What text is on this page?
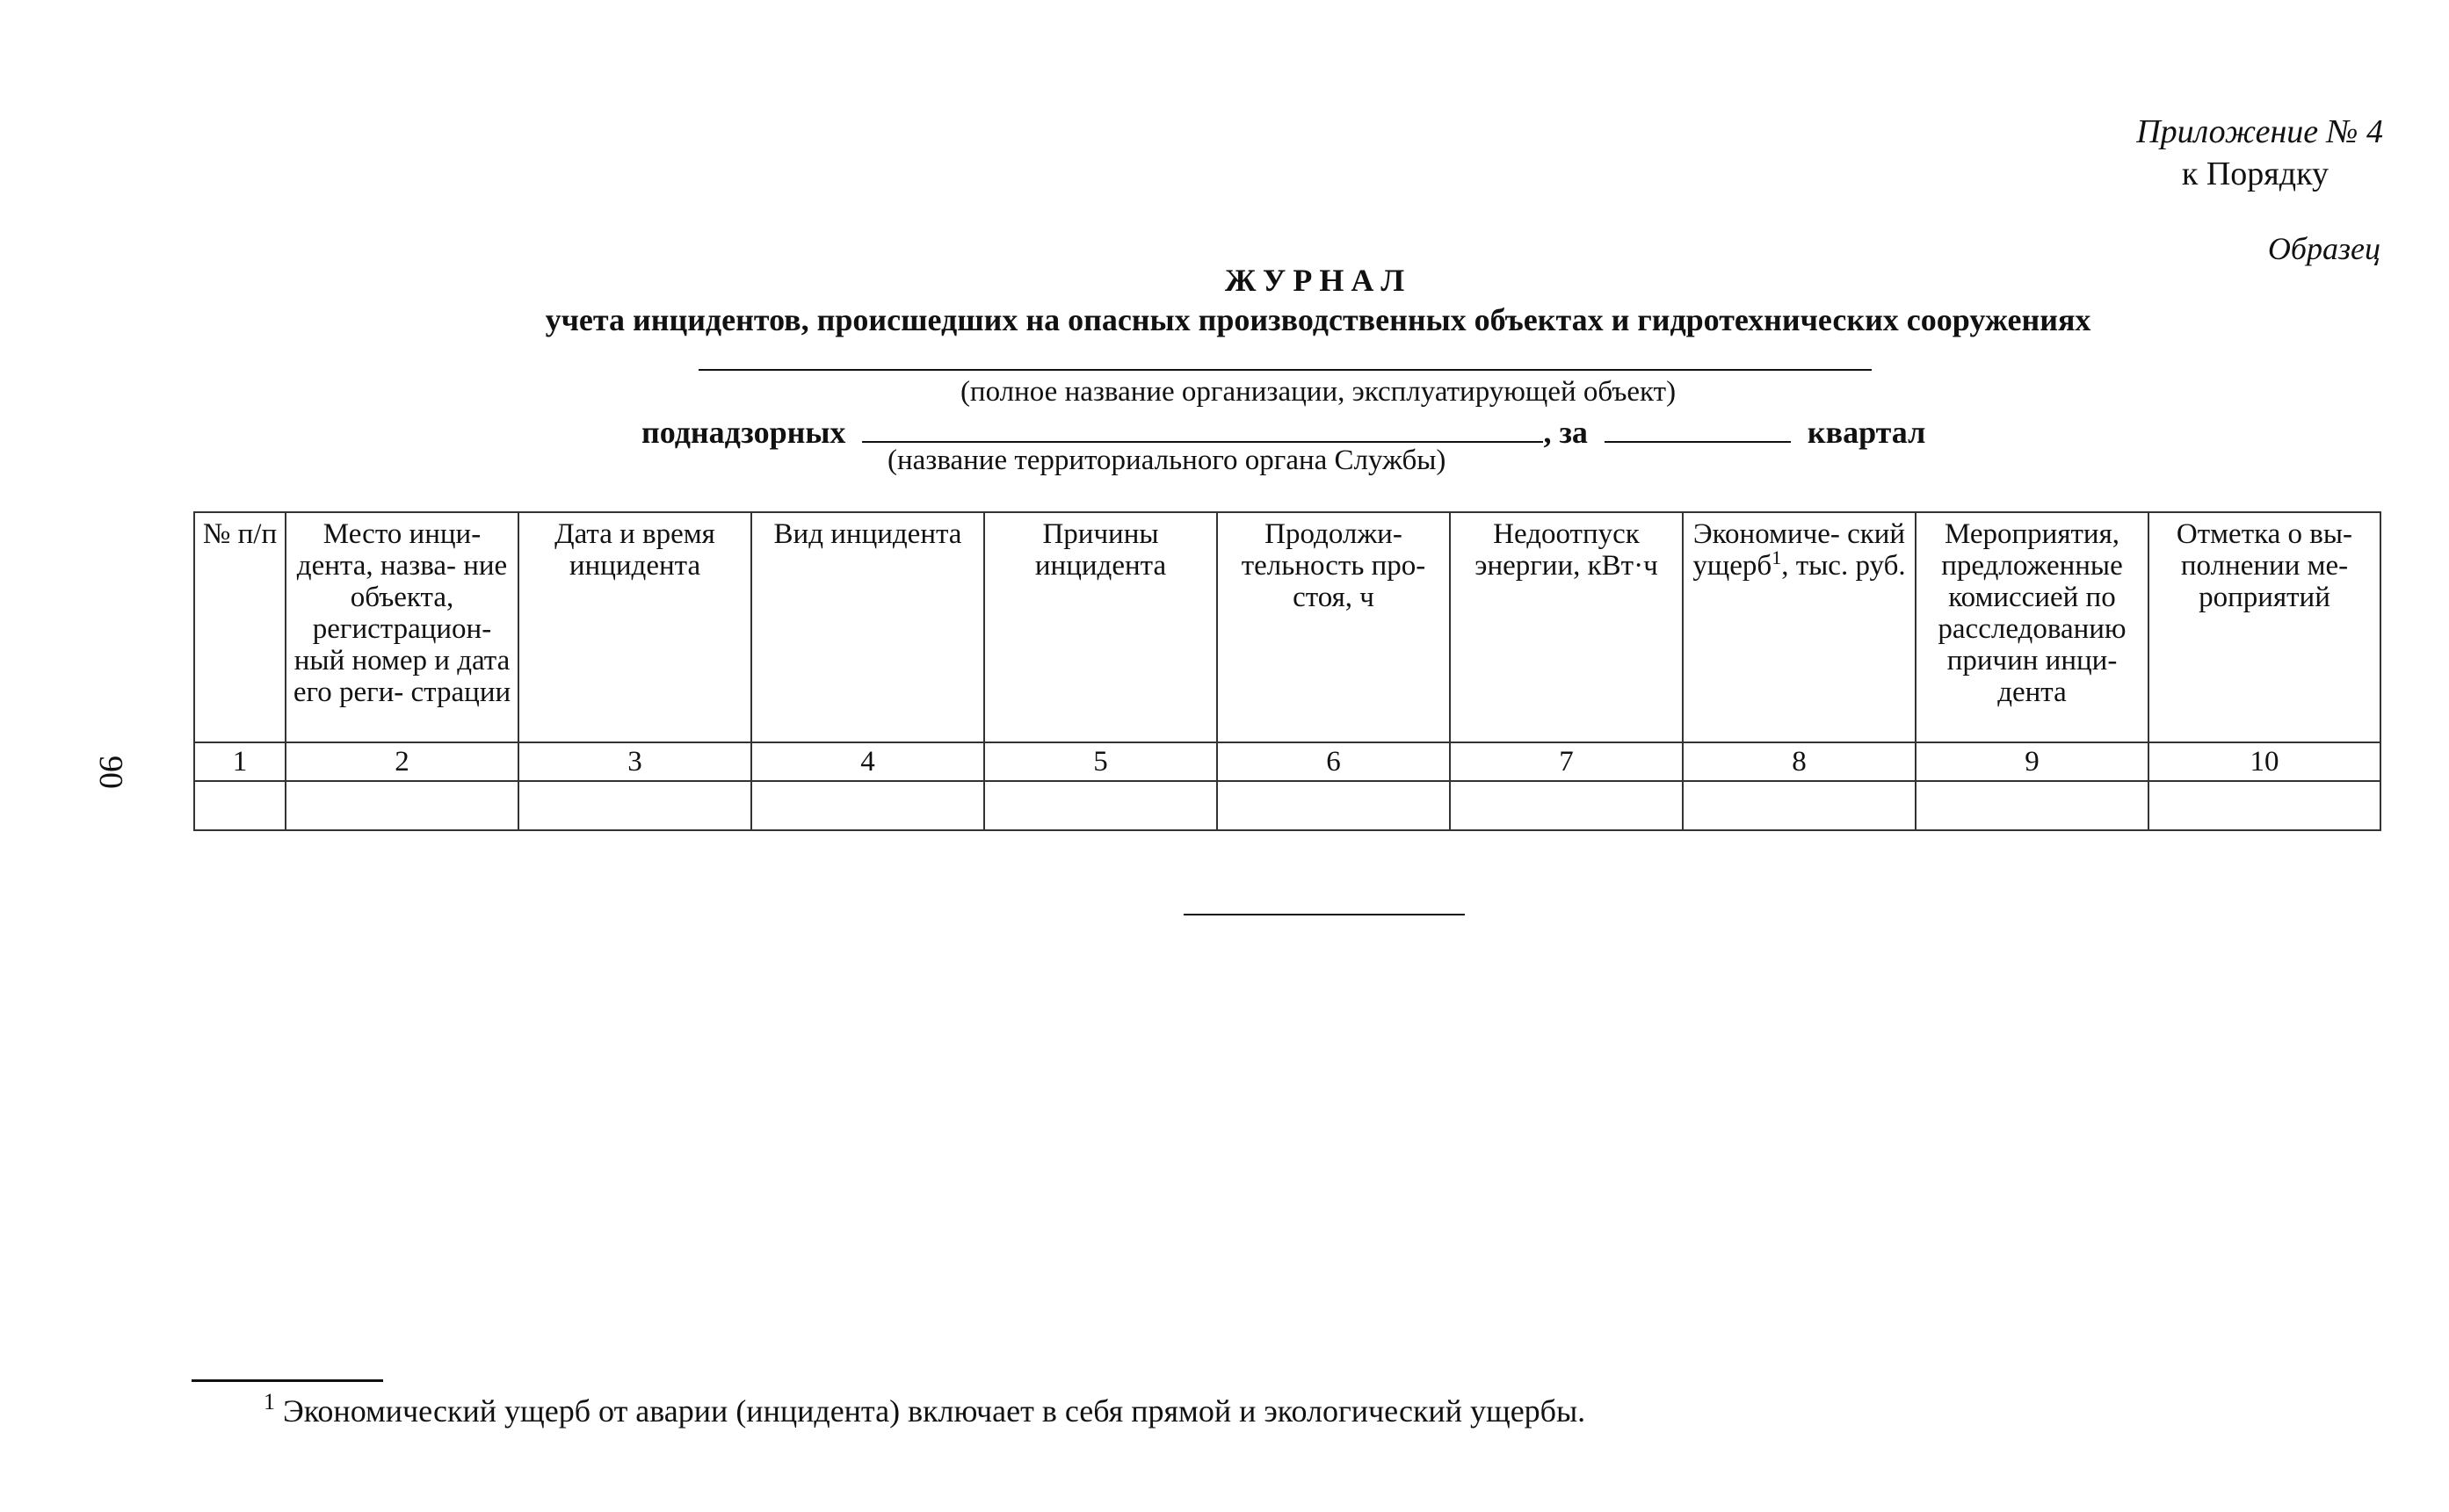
Приложение № 4
к Порядку
Образец
ЖУРНАЛ
учета инцидентов, происшедших на опасных производственных объектах и гидротехнических сооружениях
(полное название организации, эксплуатирующей объект)
поднадзорных	, за	квартал
(название территориального органа Службы)
90
№ п/п	Место инци- дента, назва- ние объекта, регистрацион- ный номер и дата его реги- страции	Дата и время инцидента	Вид инцидента	Причины инцидента	Продолжи- тельность про- стоя, ч	Недоотпуск энергии, кВт·ч	Экономиче- ский ущерб$^1$, тыс. руб.	Мероприятия, предложенные комиссией по расследованию причин инци- дента	Отметка о вы- полнении ме- роприятий
1	2	3	4	5	6	7	8	9	10

$^1$ Экономический ущерб от аварии (инцидента) включает в себя прямой и экологический ущербы.
